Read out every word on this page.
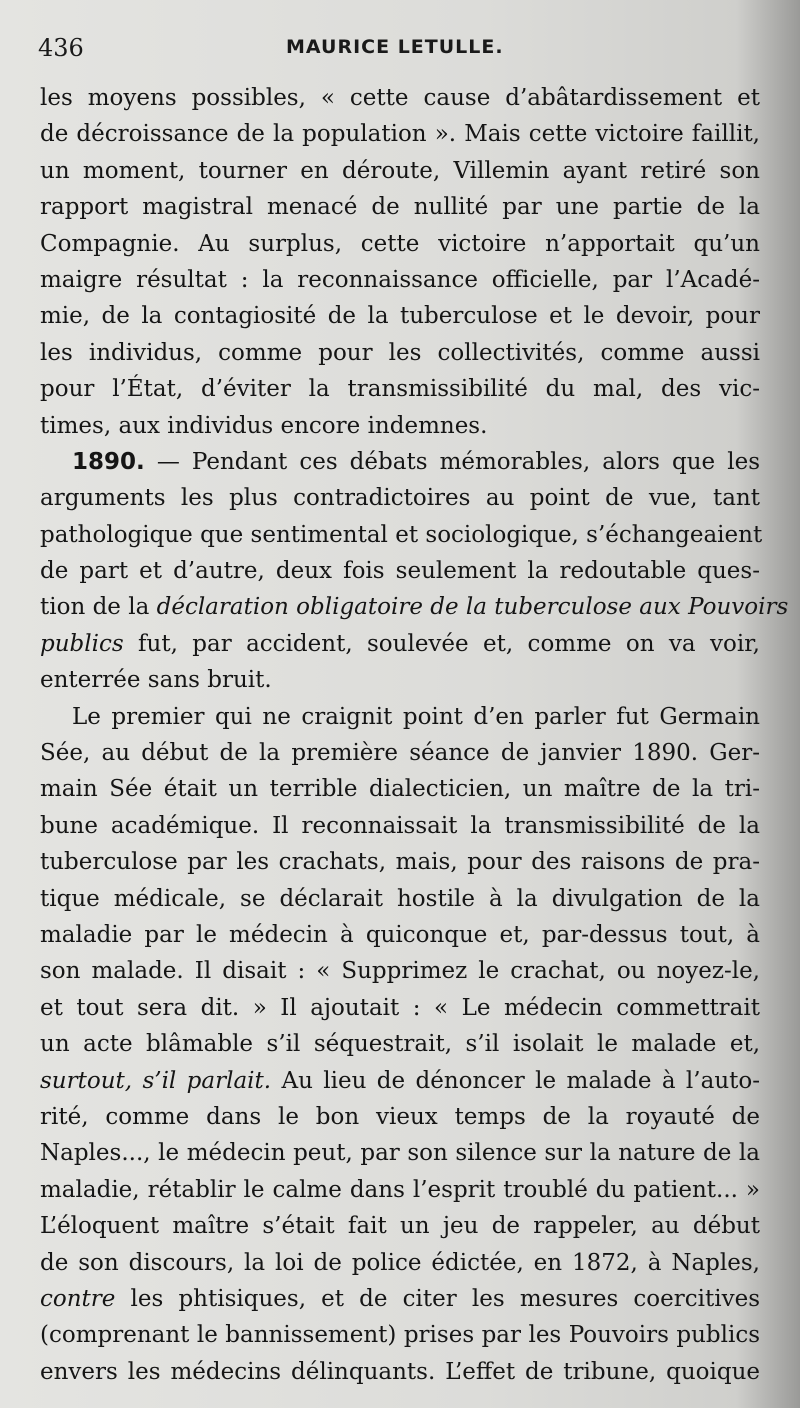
436	MAURICE LETULLE.
les moyens possibles, « cette cause d’abâtardissement et
de décroissance de la population ». Mais cette victoire faillit,
un moment, tourner en déroute, Villemin ayant retiré son
rapport magistral menacé de nullité par une partie de la
Compagnie. Au surplus, cette victoire n’apportait qu’un
maigre résultat : la reconnaissance officielle, par l’Acadé-
mie, de la contagiosité de la tuberculose et le devoir, pour
les individus, comme pour les collectivités, comme aussi
pour l’État, d’éviter la transmissibilité du mal, des vic-
times, aux individus encore indemnes.
1890. — Pendant ces débats mémorables, alors que les
arguments les plus contradictoires au point de vue, tant
pathologique que sentimental et sociologique, s’échangeaient
de part et d’autre, deux fois seulement la redoutable ques-
tion de la déclaration obligatoire de la tuberculose aux Pouvoirs
publics fut, par accident, soulevée et, comme on va voir,
enterrée sans bruit.
Le premier qui ne craignit point d’en parler fut Germain
Sée, au début de la première séance de janvier 1890. Ger-
main Sée était un terrible dialecticien, un maître de la tri-
bune académique. Il reconnaissait la transmissibilité de la
tuberculose par les crachats, mais, pour des raisons de pra-
tique médicale, se déclarait hostile à la divulgation de la
maladie par le médecin à quiconque et, par-dessus tout, à
son malade. Il disait : « Supprimez le crachat, ou noyez-le,
et tout sera dit. » Il ajoutait : « Le médecin commettrait
un acte blâmable s’il séquestrait, s’il isolait le malade et,
surtout, s’il parlait. Au lieu de dénoncer le malade à l’auto-
rité, comme dans le bon vieux temps de la royauté de
Naples..., le médecin peut, par son silence sur la nature de la
maladie, rétablir le calme dans l’esprit troublé du patient... »
L’éloquent maître s’était fait un jeu de rappeler, au début
de son discours, la loi de police édictée, en 1872, à Naples,
contre les phtisiques, et de citer les mesures coercitives
(comprenant le bannissement) prises par les Pouvoirs publics
envers les médecins délinquants. L’effet de tribune, quoique
